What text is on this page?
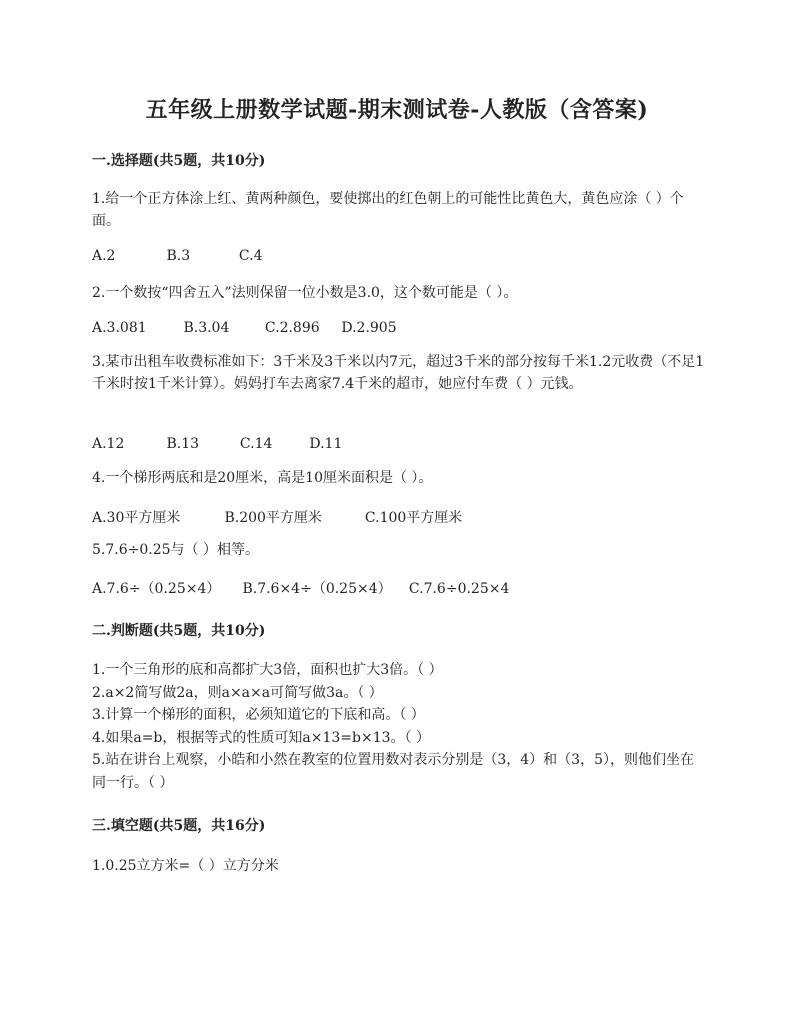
五年级上册数学试题-期末测试卷-人教版（含答案)
一.选择题(共5题，共10分)
1.给一个正方体涂上红、黄两种颜色，要使掷出的红色朝上的可能性比黄色大，黄色应涂（ ）个面。
A.2	B.3	C.4
2.一个数按“四舍五入”法则保留一位小数是3.0，这个数可能是（ ）。
A.3.081	B.3.04	C.2.896 D.2.905
3.某市出租车收费标准如下：3千米及3千米以内7元，超过3千米的部分按每千米1.2元收费（不足1千米时按1千米计算）。妈妈打车去离家7.4千米的超市，她应付车费（ ）元钱。
A.12	B.13	C.14	D.11
4.一个梯形两底和是20厘米，高是10厘米面积是（ ）。
A.30平方厘米	B.200平方厘米	C.100平方厘米
5.7.6÷0.25与（ ）相等。
A.7.6÷（0.25×4） B.7.6×4÷（0.25×4） C.7.6÷0.25×4
二.判断题(共5题，共10分)
1.一个三角形的底和高都扩大3倍，面积也扩大3倍。（ ）
2.a×2简写做2a，则a×a×a可简写做3a。（ ）
3.计算一个梯形的面积，必须知道它的下底和高。（ ）
4.如果a=b，根据等式的性质可知a×13=b×13。（ ）
5.站在讲台上观察，小皓和小然在教室的位置用数对表示分别是（3，4）和（3，5），则他们坐在同一行。（ ）
三.填空题(共5题，共16分)
1.0.25立方米=（ ）立方分米
